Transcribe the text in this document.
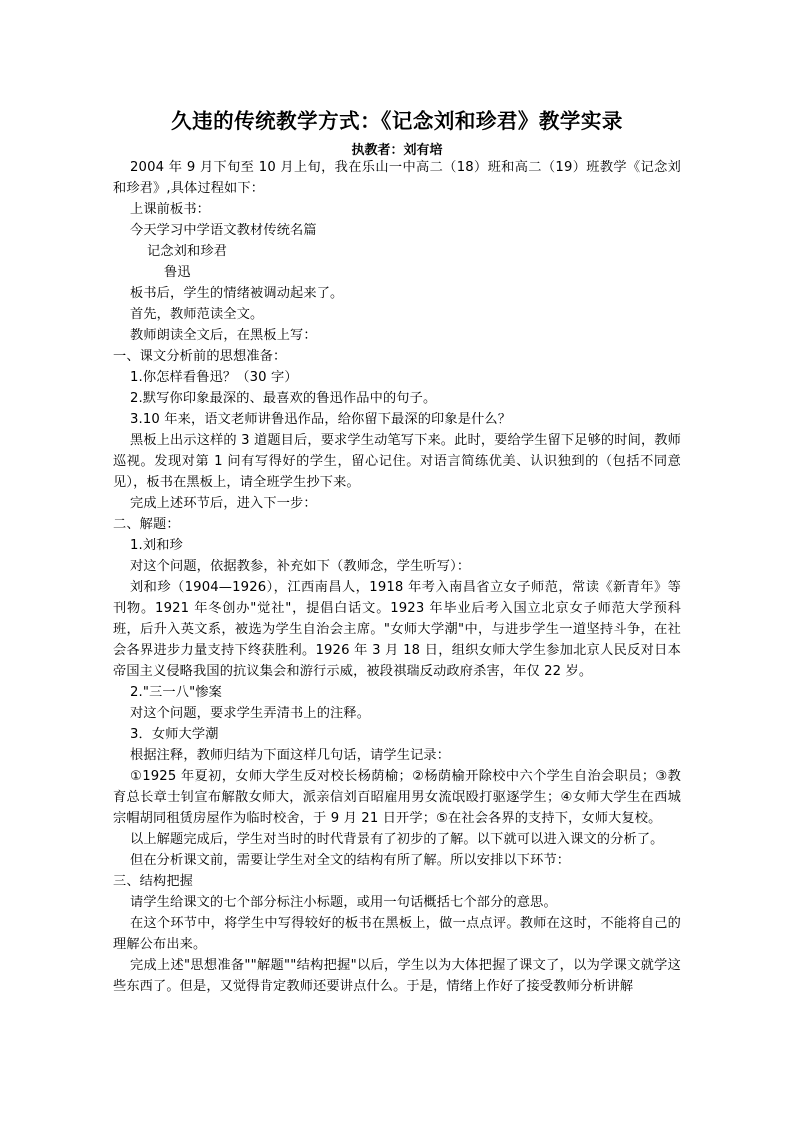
久违的传统教学方式：《记念刘和珍君》教学实录
执教者：刘有培

2004 年 9 月下旬至 10 月上旬，我在乐山一中高二（18）班和高二（19）班教学《记念刘和珍君》,具体过程如下：

上课前板书：

今天学习中学语文教材传统名篇

记念刘和珍君

鲁迅

板书后，学生的情绪被调动起来了。

首先，教师范读全文。

教师朗读全文后，在黑板上写：

一、课文分析前的思想准备：

1.你怎样看鲁迅？（30 字）

2.默写你印象最深的、最喜欢的鲁迅作品中的句子。

3.10 年来，语文老师讲鲁迅作品，给你留下最深的印象是什么？

黑板上出示这样的 3 道题目后，要求学生动笔写下来。此时，要给学生留下足够的时间，教师巡视。发现对第 1 问有写得好的学生，留心记住。对语言简练优美、认识独到的（包括不同意见），板书在黑板上，请全班学生抄下来。

完成上述环节后，进入下一步：

二、解题：

1.刘和珍

对这个问题，依据教参，补充如下（教师念，学生听写）：

刘和珍（1904—1926），江西南昌人，1918 年考入南昌省立女子师范，常读《新青年》等刊物。1921 年冬创办"觉社"，提倡白话文。1923 年毕业后考入国立北京女子师范大学预科班，后升入英文系，被选为学生自治会主席。"女师大学潮"中，与进步学生一道坚持斗争，在社会各界进步力量支持下终获胜利。1926 年 3 月 18 日，组织女师大学生参加北京人民反对日本帝国主义侵略我国的抗议集会和游行示威，被段祺瑞反动政府杀害，年仅 22 岁。

2."三一八"惨案

对这个问题，要求学生弄清书上的注释。

3．女师大学潮

根据注释，教师归结为下面这样几句话，请学生记录：

①1925 年夏初，女师大学生反对校长杨荫榆；②杨荫榆开除校中六个学生自治会职员；③教育总长章士钊宣布解散女师大，派亲信刘百昭雇用男女流氓殴打驱逐学生；④女师大学生在西城宗帽胡同租赁房屋作为临时校舍，于 9 月 21 日开学；⑤在社会各界的支持下，女师大复校。

以上解题完成后，学生对当时的时代背景有了初步的了解。以下就可以进入课文的分析了。

但在分析课文前，需要让学生对全文的结构有所了解。所以安排以下环节：

三、结构把握

请学生给课文的七个部分标注小标题，或用一句话概括七个部分的意思。

在这个环节中，将学生中写得较好的板书在黑板上，做一点点评。教师在这时，不能将自己的理解公布出来。

完成上述"思想准备""解题""结构把握"以后，学生以为大体把握了课文了，以为学课文就学这些东西了。但是，又觉得肯定教师还要讲点什么。于是，情绪上作好了接受教师分析讲解
